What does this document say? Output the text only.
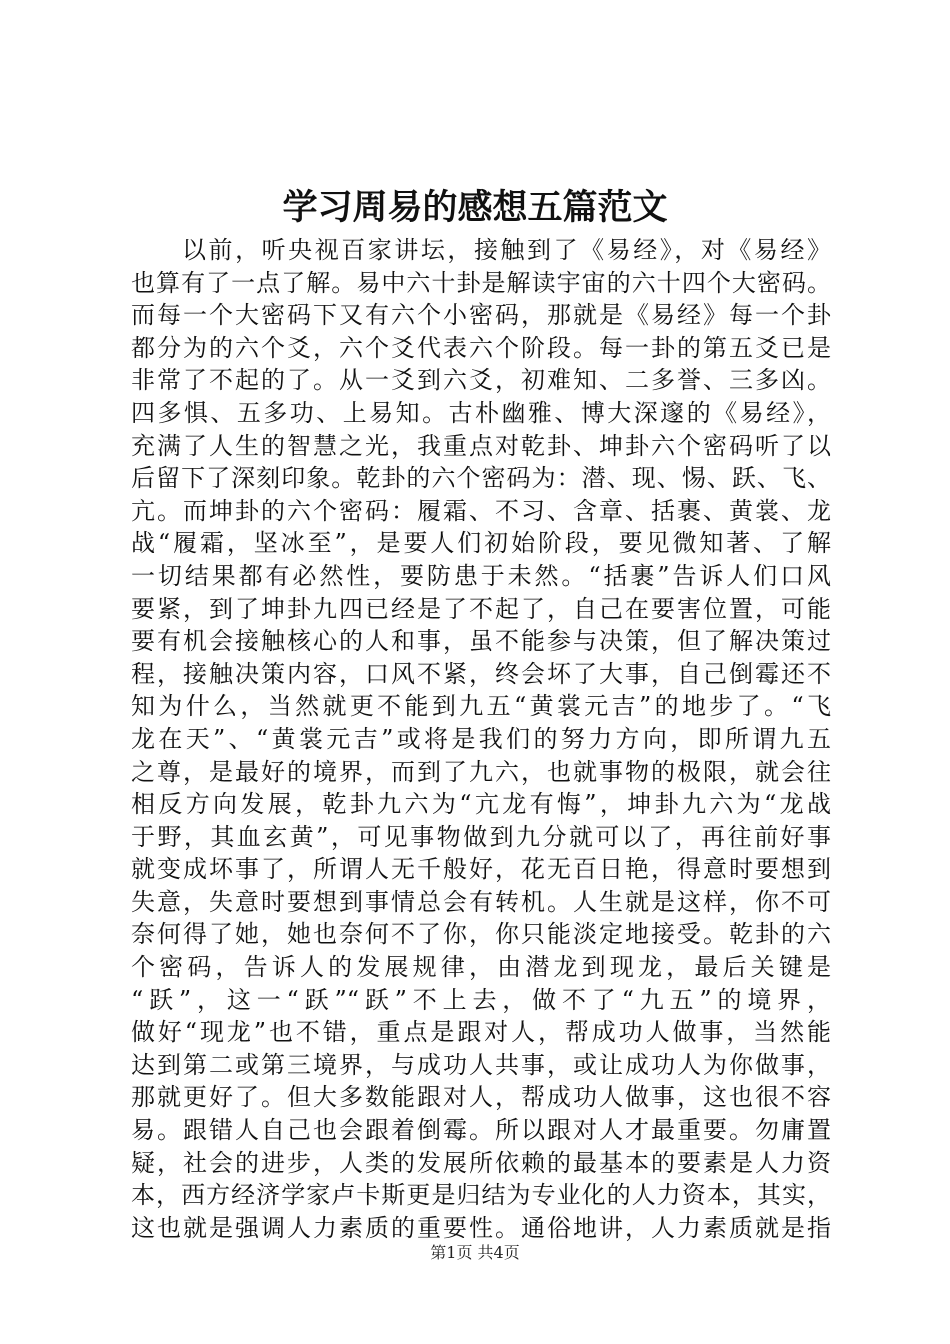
学习周易的感想五篇范文
以前，听央视百家讲坛，接触到了《易经》，对《易经》
也算有了一点了解。易中六十卦是解读宇宙的六十四个大密码。
而每一个大密码下又有六个小密码，那就是《易经》每一个卦
都分为的六个爻，六个爻代表六个阶段。每一卦的第五爻已是
非常了不起的了。从一爻到六爻，初难知、二多誉、三多凶。
四多惧、五多功、上易知。古朴幽雅、博大深邃的《易经》，
充满了人生的智慧之光，我重点对乾卦、坤卦六个密码听了以
后留下了深刻印象。乾卦的六个密码为：潜、现、惕、跃、飞、
亢。而坤卦的六个密码：履霜、不习、含章、括裹、黄裳、龙
战“履霜，坚冰至”，是要人们初始阶段，要见微知著、了解
一切结果都有必然性，要防患于未然。“括裹”告诉人们口风
要紧，到了坤卦九四已经是了不起了，自己在要害位置，可能
要有机会接触核心的人和事，虽不能参与决策，但了解决策过
程，接触决策内容，口风不紧，终会坏了大事，自己倒霉还不
知为什么，当然就更不能到九五“黄裳元吉”的地步了。“飞
龙在天”、“黄裳元吉”或将是我们的努力方向，即所谓九五
之尊，是最好的境界，而到了九六，也就事物的极限，就会往
相反方向发展，乾卦九六为“亢龙有悔”，坤卦九六为“龙战
于野，其血玄黄”，可见事物做到九分就可以了，再往前好事
就变成坏事了，所谓人无千般好，花无百日艳，得意时要想到
失意，失意时要想到事情总会有转机。人生就是这样，你不可
奈何得了她，她也奈何不了你，你只能淡定地接受。乾卦的六
个密码，告诉人的发展规律，由潜龙到现龙，最后关键是
“跃”，这一“跃”“跃”不上去，做不了“九五”的境界，
做好“现龙”也不错，重点是跟对人，帮成功人做事，当然能
达到第二或第三境界，与成功人共事，或让成功人为你做事，
那就更好了。但大多数能跟对人，帮成功人做事，这也很不容
易。跟错人自己也会跟着倒霉。所以跟对人才最重要。勿庸置
疑，社会的进步，人类的发展所依赖的最基本的要素是人力资
本，西方经济学家卢卡斯更是归结为专业化的人力资本，其实，
这也就是强调人力素质的重要性。通俗地讲，人力素质就是指
第1页 共4页
